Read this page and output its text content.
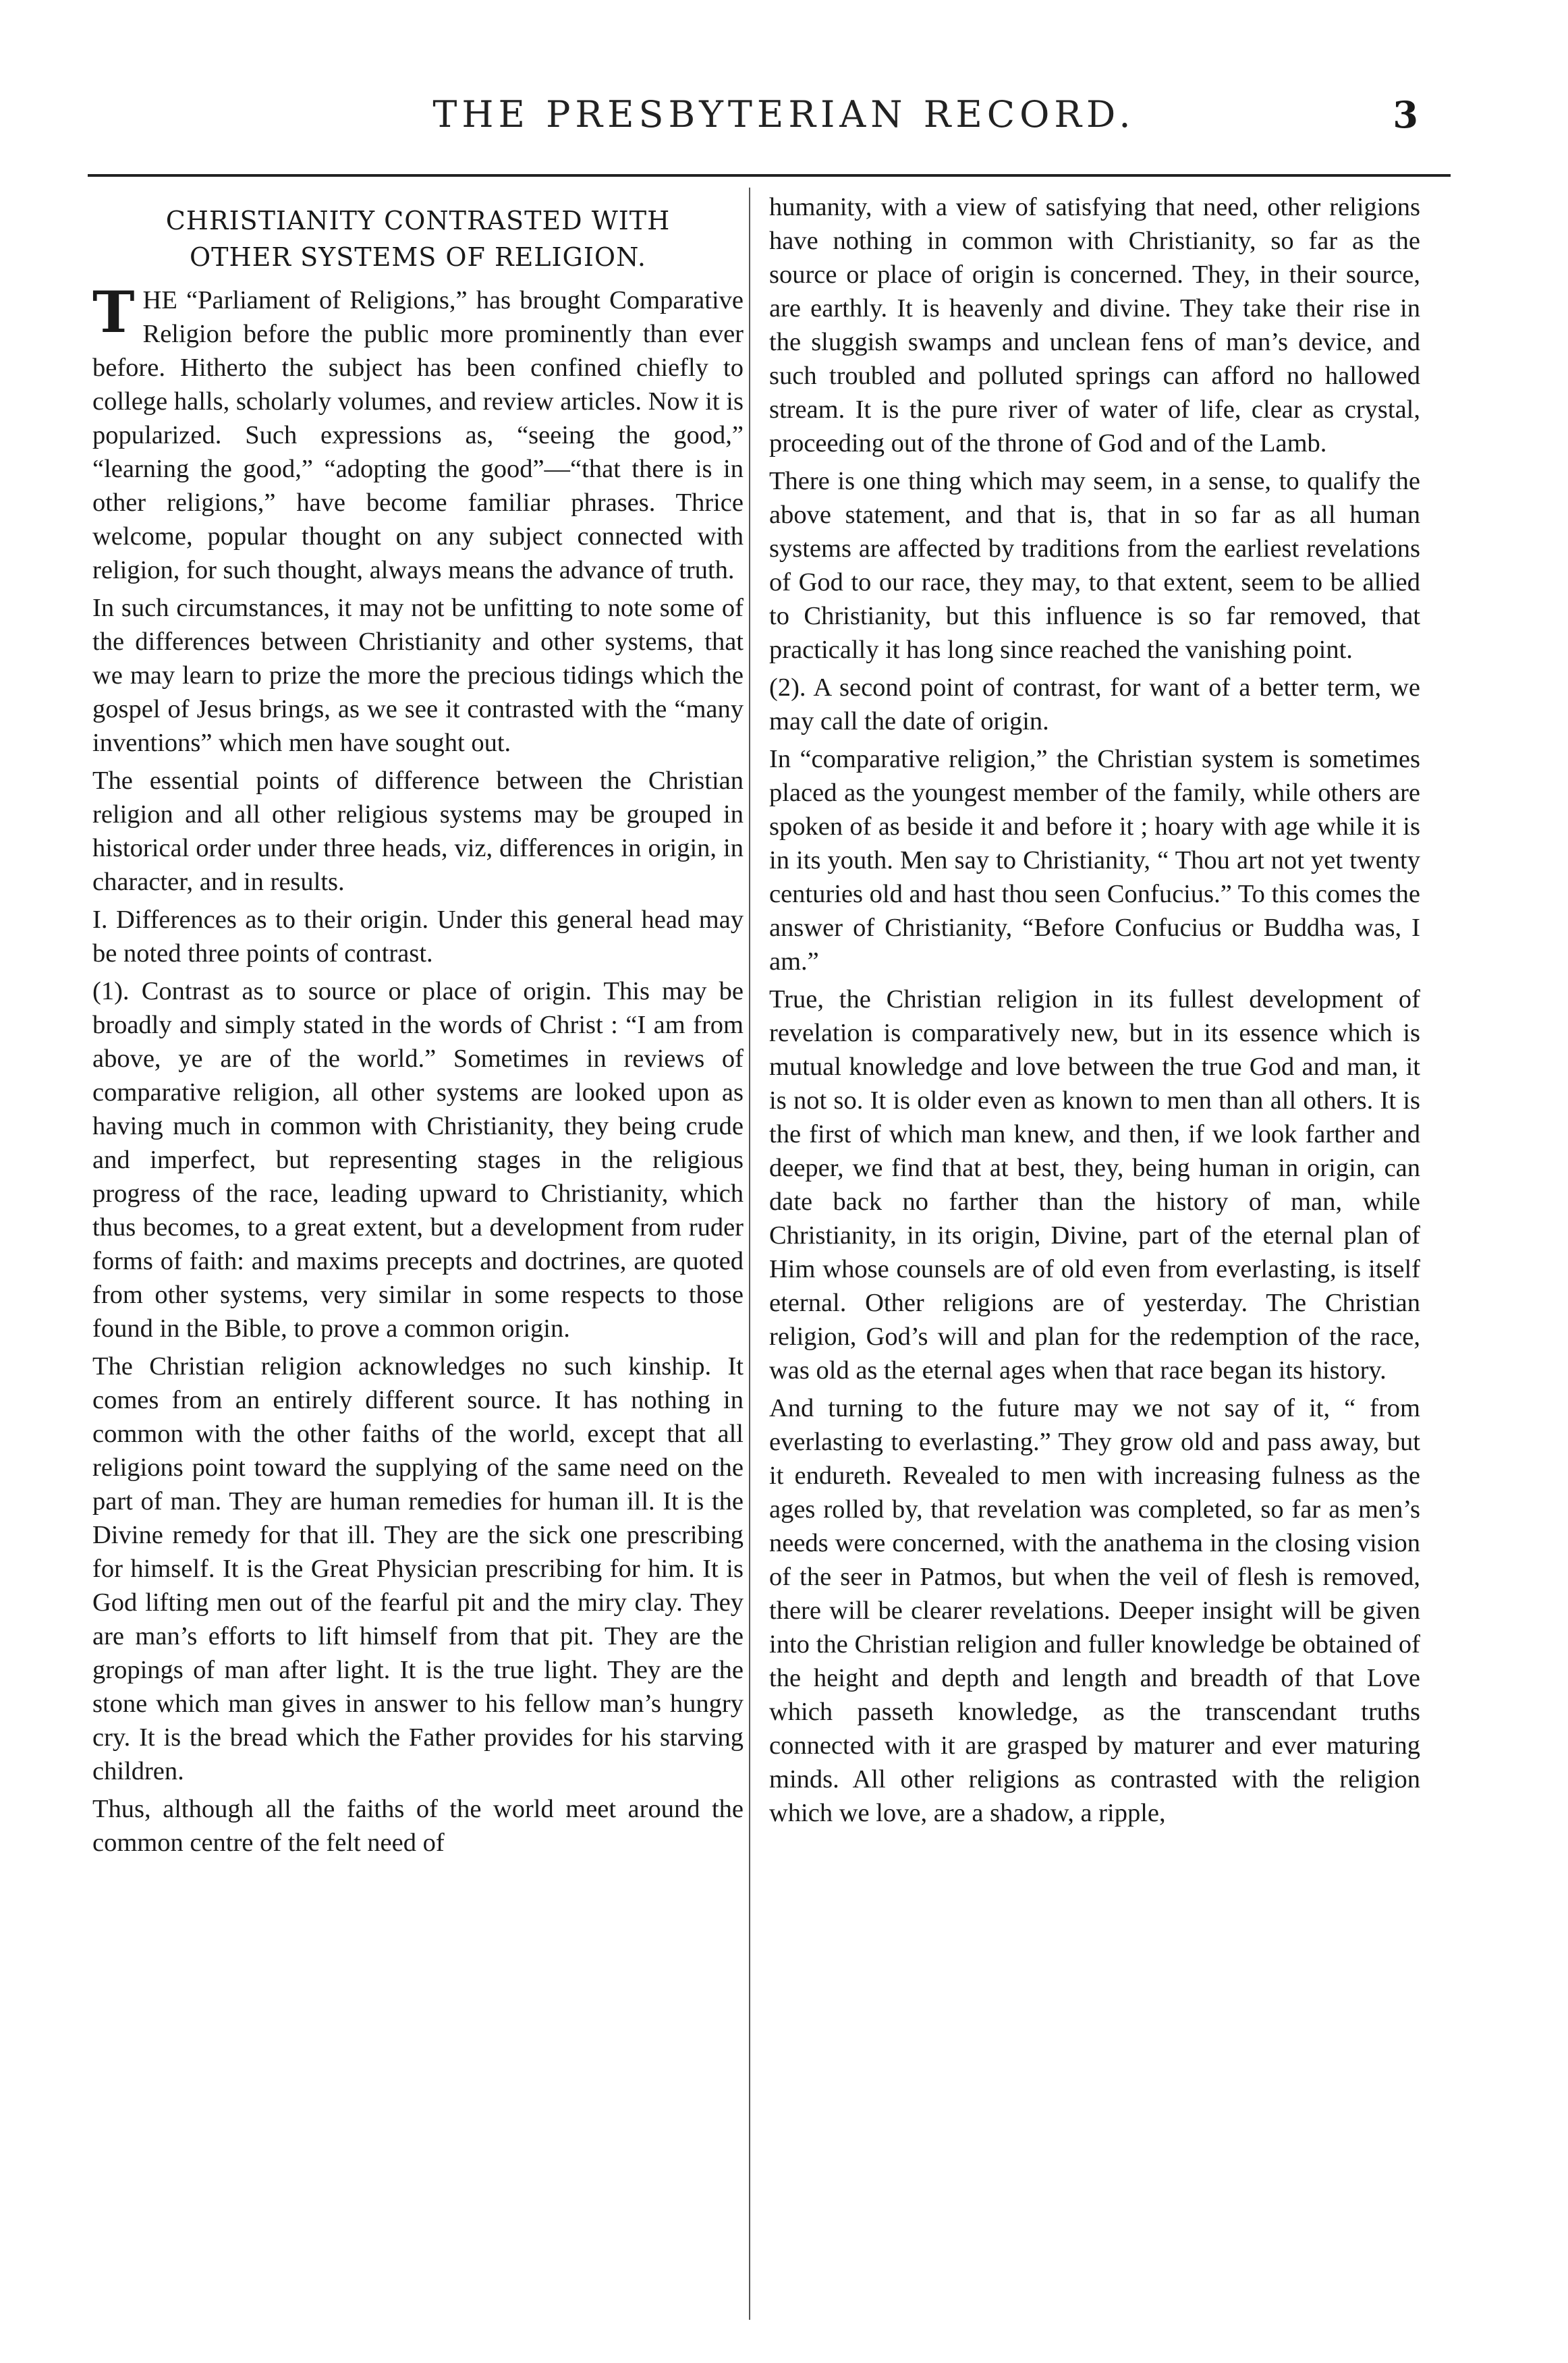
THE PRESBYTERIAN RECORD.	3
CHRISTIANITY CONTRASTED WITH
OTHER SYSTEMS OF RELIGION.

THE “Parliament of Religions,” has brought Comparative Religion before the public more prominently than ever before. Hitherto the subject has been confined chiefly to college halls, scholarly volumes, and review articles. Now it is popularized. Such expressions as, “seeing the good,” “learning the good,” “adopting the good”—“that there is in other religions,” have become familiar phrases. Thrice welcome, popular thought on any subject connected with religion, for such thought, always means the advance of truth.

In such circumstances, it may not be unfitting to note some of the differences between Christianity and other systems, that we may learn to prize the more the precious tidings which the gospel of Jesus brings, as we see it contrasted with the “many inventions” which men have sought out.

The essential points of difference between the Christian religion and all other religious systems may be grouped in historical order under three heads, viz, differences in origin, in character, and in results.

I. Differences as to their origin. Under this general head may be noted three points of contrast.

(1). Contrast as to source or place of origin. This may be broadly and simply stated in the words of Christ : “I am from above, ye are of the world.” Sometimes in reviews of comparative religion, all other systems are looked upon as having much in common with Christianity, they being crude and imperfect, but representing stages in the religious progress of the race, leading upward to Christianity, which thus becomes, to a great extent, but a development from ruder forms of faith: and maxims precepts and doctrines, are quoted from other systems, very similar in some respects to those found in the Bible, to prove a common origin.

The Christian religion acknowledges no such kinship. It comes from an entirely different source. It has nothing in common with the other faiths of the world, except that all religions point toward the supplying of the same need on the part of man. They are human remedies for human ill. It is the Divine remedy for that ill. They are the sick one prescribing for himself. It is the Great Physician prescribing for him. It is God lifting men out of the fearful pit and the miry clay. They are man’s efforts to lift himself from that pit. They are the gropings of man after light. It is the true light. They are the stone which man gives in answer to his fellow man’s hungry cry. It is the bread which the Father provides for his starving children.

Thus, although all the faiths of the world meet around the common centre of the felt need of

humanity, with a view of satisfying that need, other religions have nothing in common with Christianity, so far as the source or place of origin is concerned. They, in their source, are earthly. It is heavenly and divine. They take their rise in the sluggish swamps and unclean fens of man’s device, and such troubled and polluted springs can afford no hallowed stream. It is the pure river of water of life, clear as crystal, proceeding out of the throne of God and of the Lamb.

There is one thing which may seem, in a sense, to qualify the above statement, and that is, that in so far as all human systems are affected by traditions from the earliest revelations of God to our race, they may, to that extent, seem to be allied to Christianity, but this influence is so far removed, that practically it has long since reached the vanishing point.

(2). A second point of contrast, for want of a better term, we may call the date of origin.

In “comparative religion,” the Christian system is sometimes placed as the youngest member of the family, while others are spoken of as beside it and before it ; hoary with age while it is in its youth. Men say to Christianity, “ Thou art not yet twenty centuries old and hast thou seen Confucius.” To this comes the answer of Christianity, “Before Confucius or Buddha was, I am.”

True, the Christian religion in its fullest development of revelation is comparatively new, but in its essence which is mutual knowledge and love between the true God and man, it is not so. It is older even as known to men than all others. It is the first of which man knew, and then, if we look farther and deeper, we find that at best, they, being human in origin, can date back no farther than the history of man, while Christianity, in its origin, Divine, part of the eternal plan of Him whose counsels are of old even from everlasting, is itself eternal. Other religions are of yesterday. The Christian religion, God’s will and plan for the redemption of the race, was old as the eternal ages when that race began its history.

And turning to the future may we not say of it, “ from everlasting to everlasting.” They grow old and pass away, but it endureth. Revealed to men with increasing fulness as the ages rolled by, that revelation was completed, so far as men’s needs were concerned, with the anathema in the closing vision of the seer in Patmos, but when the veil of flesh is removed, there will be clearer revelations. Deeper insight will be given into the Christian religion and fuller knowledge be obtained of the height and depth and length and breadth of that Love which passeth knowledge, as the transcendant truths connected with it are grasped by maturer and ever maturing minds. All other religions as contrasted with the religion which we love, are a shadow, a ripple,
